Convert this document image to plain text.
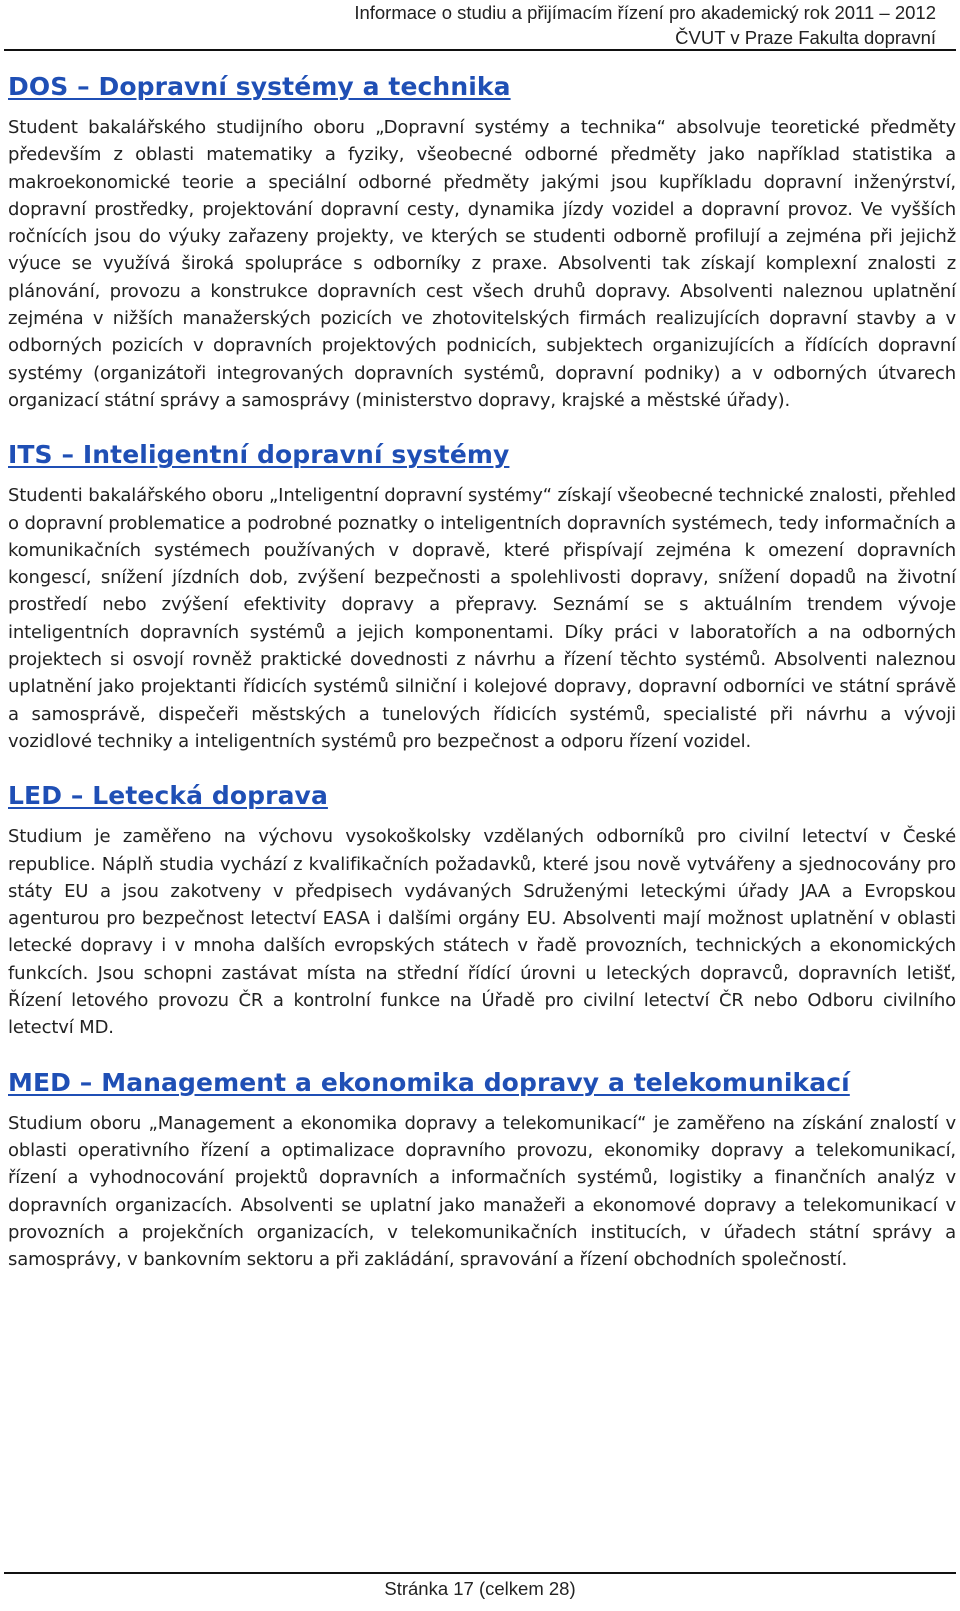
Informace o studiu a přijímacím řízení pro akademický rok 2011 – 2012
ČVUT v Praze Fakulta dopravní
DOS – Dopravní systémy a technika

Student bakalářského studijního oboru „Dopravní systémy a technika“ absolvuje teoretické předměty především z oblasti matematiky a fyziky, všeobecné odborné předměty jako například statistika a makroekonomické teorie a speciální odborné předměty jakými jsou kupříkladu dopravní inženýrství, dopravní prostředky, projektování dopravní cesty, dynamika jízdy vozidel a dopravní provoz. Ve vyšších ročnících jsou do výuky zařazeny projekty, ve kterých se studenti odborně profilují a zejména při jejichž výuce se využívá široká spolupráce s odborníky z praxe. Absolventi tak získají komplexní znalosti z plánování, provozu a konstrukce dopravních cest všech druhů dopravy. Absolventi naleznou uplatnění zejména v nižších manažerských pozicích ve zhotovitelských firmách realizujících dopravní stavby a v odborných pozicích v dopravních projektových podnicích, subjektech organizujících a řídících dopravní systémy (organizátoři integrovaných dopravních systémů, dopravní podniky) a v odborných útvarech organizací státní správy a samosprávy (ministerstvo dopravy, krajské a městské úřady).

ITS – Inteligentní dopravní systémy

Studenti bakalářského oboru „Inteligentní dopravní systémy“ získají všeobecné technické znalosti, přehled o dopravní problematice a podrobné poznatky o inteligentních dopravních systémech, tedy informačních a komunikačních systémech používaných v dopravě, které přispívají zejména k omezení dopravních kongescí, snížení jízdních dob, zvýšení bezpečnosti a spolehlivosti dopravy, snížení dopadů na životní prostředí nebo zvýšení efektivity dopravy a přepravy. Seznámí se s aktuálním trendem vývoje inteligentních dopravních systémů a jejich komponentami. Díky práci v laboratořích a na odborných projektech si osvojí rovněž praktické dovednosti z návrhu a řízení těchto systémů. Absolventi naleznou uplatnění jako projektanti řídicích systémů silniční i kolejové dopravy, dopravní odborníci ve státní správě a samosprávě, dispečeři městských a tunelových řídicích systémů, specialisté při návrhu a vývoji vozidlové techniky a inteligentních systémů pro bezpečnost a odporu řízení vozidel.

LED – Letecká doprava

Studium je zaměřeno na výchovu vysokoškolsky vzdělaných odborníků pro civilní letectví v České republice. Náplň studia vychází z kvalifikačních požadavků, které jsou nově vytvářeny a sjednocovány pro státy EU a jsou zakotveny v předpisech vydávaných Sdruženými leteckými úřady JAA a Evropskou agenturou pro bezpečnost letectví EASA i dalšími orgány EU. Absolventi mají možnost uplatnění v oblasti letecké dopravy i v mnoha dalších evropských státech v řadě provozních, technických a ekonomických funkcích. Jsou schopni zastávat místa na střední řídící úrovni u leteckých dopravců, dopravních letišť, Řízení letového provozu ČR a kontrolní funkce na Úřadě pro civilní letectví ČR nebo Odboru civilního letectví MD.

MED – Management a ekonomika dopravy a telekomunikací

Studium oboru „Management a ekonomika dopravy a telekomunikací“ je zaměřeno na získání znalostí v oblasti operativního řízení a optimalizace dopravního provozu, ekonomiky dopravy a telekomunikací, řízení a vyhodnocování projektů dopravních a informačních systémů, logistiky a finančních analýz v dopravních organizacích. Absolventi se uplatní jako manažeři a ekonomové dopravy a telekomunikací v provozních a projekčních organizacích, v telekomunikačních institucích, v úřadech státní správy a samosprávy, v bankovním sektoru a při zakládání, spravování a řízení obchodních společností.

Stránka 17 (celkem 28)
